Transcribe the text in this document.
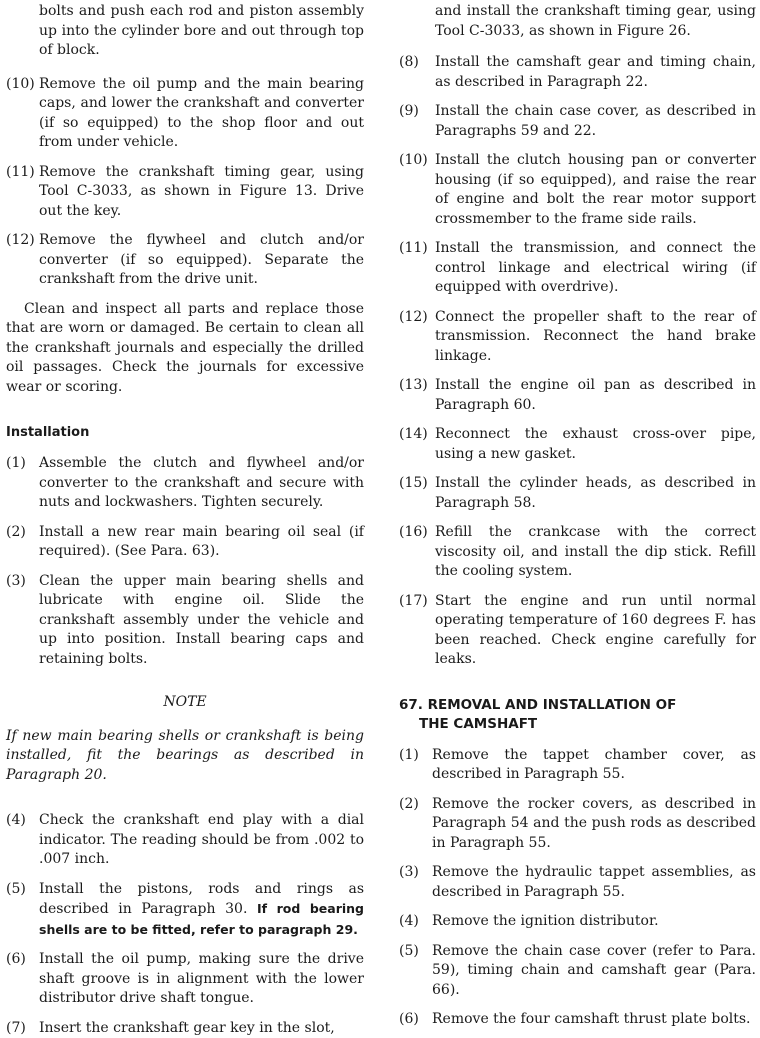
bolts and push each rod and piston assembly up into the cylinder bore and out through top of block.

(10) Remove the oil pump and the main bearing caps, and lower the crankshaft and converter (if so equipped) to the shop floor and out from under vehicle.
(11) Remove the crankshaft timing gear, using Tool C-3033, as shown in Figure 13. Drive out the key.
(12) Remove the flywheel and clutch and/or converter (if so equipped). Separate the crankshaft from the drive unit.

Clean and inspect all parts and replace those that are worn or damaged. Be certain to clean all the crankshaft journals and especially the drilled oil passages. Check the journals for excessive wear or scoring.

Installation

(1) Assemble the clutch and flywheel and/or converter to the crankshaft and secure with nuts and lockwashers. Tighten securely.
(2) Install a new rear main bearing oil seal (if required). (See Para. 63).
(3) Clean the upper main bearing shells and lubricate with engine oil. Slide the crankshaft assembly under the vehicle and up into position. Install bearing caps and retaining bolts.

NOTE

If new main bearing shells or crankshaft is being installed, fit the bearings as described in Paragraph 20.

(4) Check the crankshaft end play with a dial indicator. The reading should be from .002 to .007 inch.
(5) Install the pistons, rods and rings as described in Paragraph 30. If rod bearing shells are to be fitted, refer to paragraph 29.
(6) Install the oil pump, making sure the drive shaft groove is in alignment with the lower distributor drive shaft tongue.
(7) Insert the crankshaft gear key in the slot,

and install the crankshaft timing gear, using Tool C-3033, as shown in Figure 26.

(8)	Install the camshaft gear and timing chain, as described in Paragraph 22.
(9)	Install the chain case cover, as described in Paragraphs 59 and 22.
(10) Install the clutch housing pan or converter housing (if so equipped), and raise the rear of engine and bolt the rear motor support crossmember to the frame side rails.
(11) Install the transmission, and connect the control linkage and electrical wiring (if equipped with overdrive).
(12) Connect the propeller shaft to the rear of transmission. Reconnect the hand brake linkage.
(13) Install the engine oil pan as described in Paragraph 60.
(14) Reconnect the exhaust cross-over pipe, using a new gasket.
(15) Install the cylinder heads, as described in Paragraph 58.
(16) Refill the crankcase with the correct viscosity oil, and install the dip stick. Refill the cooling system.
(17) Start the engine and run until normal operating temperature of 160 degrees F. has been reached. Check engine carefully for leaks.
67. REMOVAL AND INSTALLATION OF
THE CAMSHAFT
(1) Remove the tappet chamber cover, as described in Paragraph 55.
(2) Remove the rocker covers, as described in Paragraph 54 and the push rods as described in Paragraph 55.
(3) Remove the hydraulic tappet assemblies, as described in Paragraph 55.
(4) Remove the ignition distributor.
(5) Remove the chain case cover (refer to Para. 59), timing chain and camshaft gear (Para. 66).
(6) Remove the four camshaft thrust plate bolts.
